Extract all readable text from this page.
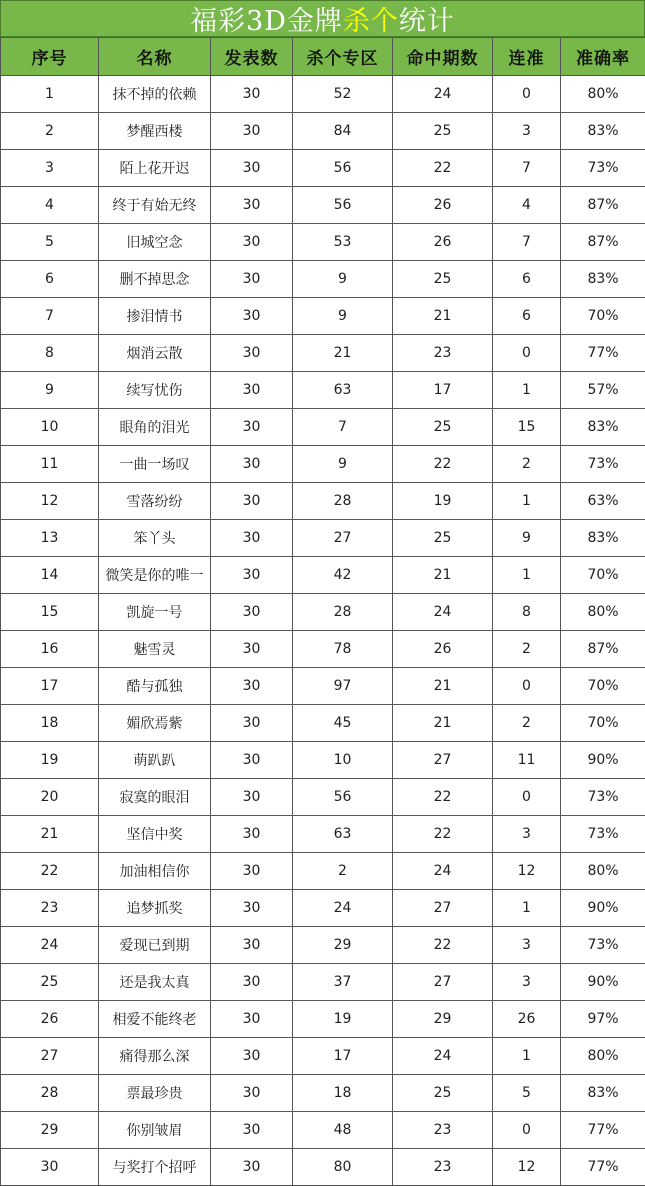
福彩3D金牌 杀个 统计
序号	名称	发表数	杀个专区	命中期数	连准	准确率
1	抹不掉的依赖	30	52	24	0	80%
2	梦醒西楼	30	84	25	3	83%
3	陌上花开迟	30	56	22	7	73%
4	终于有始无终	30	56	26	4	87%
5	旧城空念	30	53	26	7	87%
6	删不掉思念	30	9	25	6	83%
7	掺泪情书	30	9	21	6	70%
8	烟消云散	30	21	23	0	77%
9	续写忧伤	30	63	17	1	57%
10	眼角的泪光	30	7	25	15	83%
11	一曲一场叹	30	9	22	2	73%
12	雪落纷纷	30	28	19	1	63%
13	笨丫头	30	27	25	9	83%
14	微笑是你的唯一	30	42	21	1	70%
15	凯旋一号	30	28	24	8	80%
16	魅雪灵	30	78	26	2	87%
17	酷与孤独	30	97	21	0	70%
18	媚欣焉紫	30	45	21	2	70%
19	萌趴趴	30	10	27	11	90%
20	寂寞的眼泪	30	56	22	0	73%
21	坚信中奖	30	63	22	3	73%
22	加油相信你	30	2	24	12	80%
23	追梦抓奖	30	24	27	1	90%
24	爱现已到期	30	29	22	3	73%
25	还是我太真	30	37	27	3	90%
26	相爱不能终老	30	19	29	26	97%
27	痛得那么深	30	17	24	1	80%
28	票最珍贵	30	18	25	5	83%
29	你别皱眉	30	48	23	0	77%
30	与奖打个招呼	30	80	23	12	77%
